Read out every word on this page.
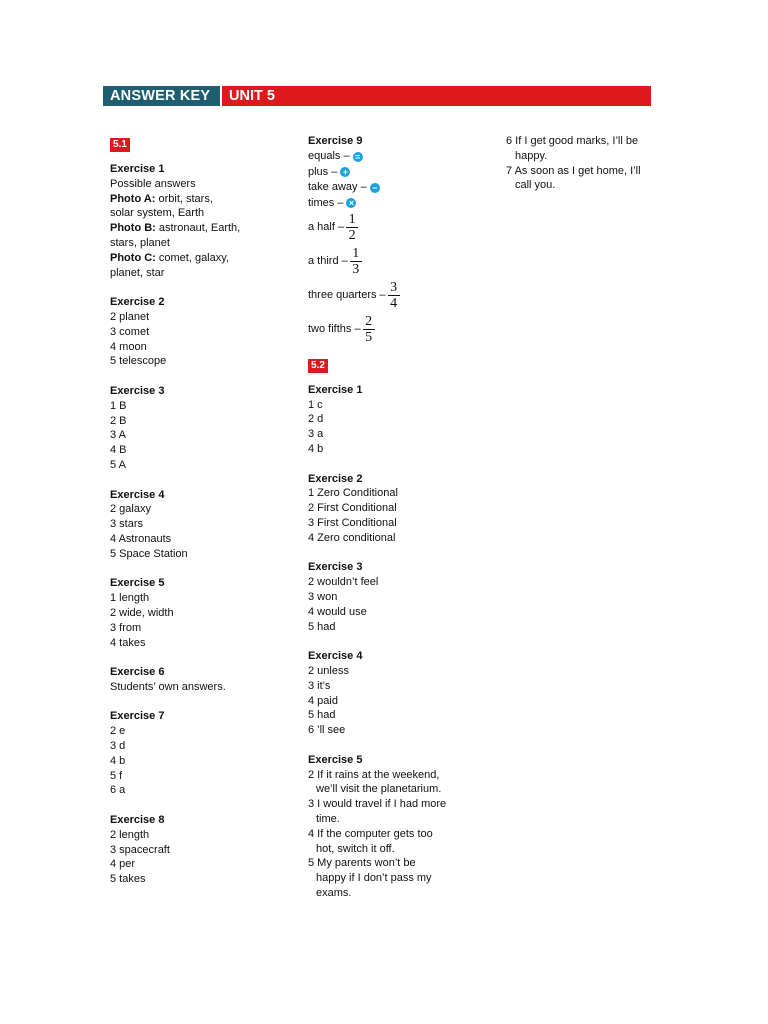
ANSWER KEY	UNIT 5
5.1
Exercise 1
Possible answers
Photo A: orbit, stars,
solar system, Earth
Photo B: astronaut, Earth,
stars, planet
Photo C: comet, galaxy,
planet, star
Exercise 2
2 planet
3 comet
4 moon
5 telescope
Exercise 3
1 B
2 B
3 A
4 B
5 A
Exercise 4
2 galaxy
3 stars
4 Astronauts
5 Space Station
Exercise 5
1 length
2 wide, width
3 from
4 takes
Exercise 6
Students’ own answers.
Exercise 7
2 e
3 d
4 b
5 f
6 a
Exercise 8
2 length
3 spacecraft
4 per
5 takes
Exercise 9
equals – =
plus – +
take away – −
times – ×
a half – $\frac{1}{2}$
a third – $\frac{1}{3}$
three quarters – $\frac{3}{4}$
two fifths – $\frac{2}{5}$
5.2
Exercise 1
1 c
2 d
3 a
4 b
Exercise 2
1 Zero Conditional
2 First Conditional
3 First Conditional
4 Zero conditional
Exercise 3
2 wouldn’t feel
3 won
4 would use
5 had
Exercise 4
2 unless
3 it’s
4 paid
5 had
6 ’ll see
Exercise 5
2 If it rains at the weekend,
we’ll visit the planetarium.
3 I would travel if I had more
time.
4 If the computer gets too
hot, switch it off.
5 My parents won’t be
happy if I don’t pass my
exams.
6 If I get good marks, I’ll be
happy.
7 As soon as I get home, I’ll
call you.
